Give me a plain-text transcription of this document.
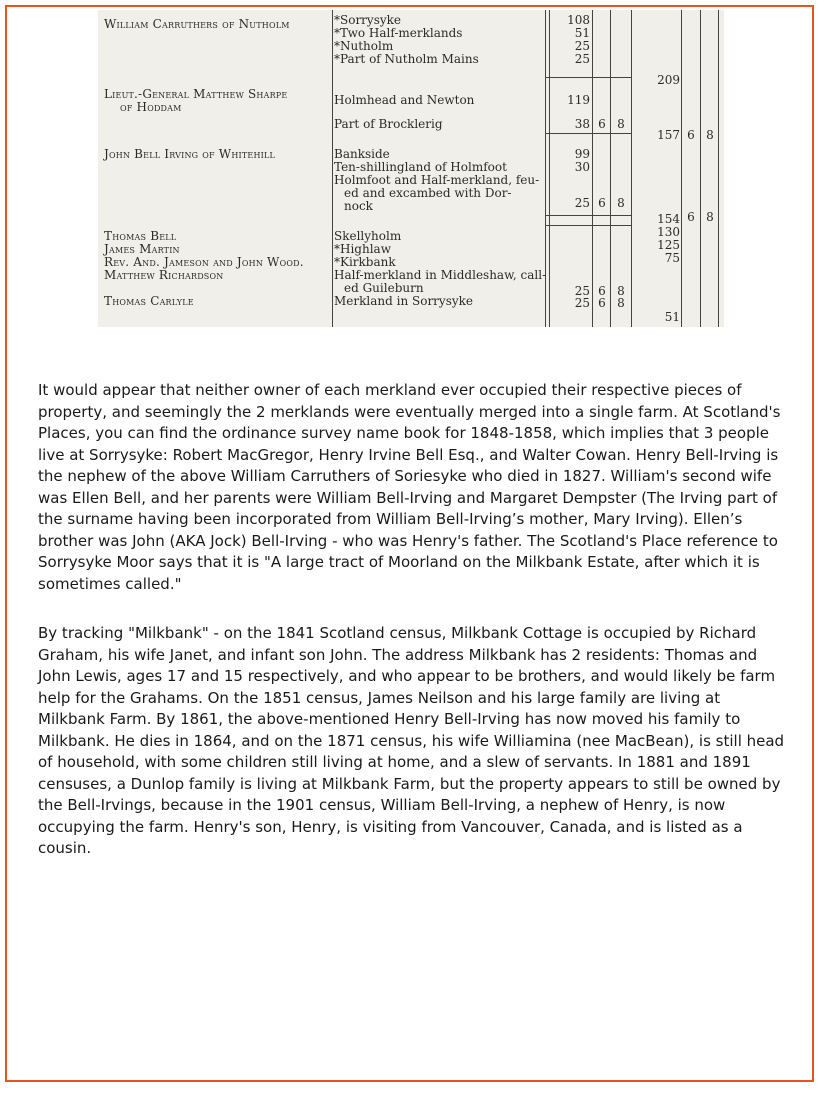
William Carruthers of Nutholm
Lieut.-General Matthew Sharpe
of Hoddam
John Bell Irving of Whitehill
Thomas Bell
James Martin
Rev. And. Jameson and John Wood.
Matthew Richardson
Thomas Carlyle
*Sorrysyke
*Two Half-merklands
*Nutholm
*Part of Nutholm Mains
Holmhead and Newton
Part of Brocklerig
Bankside
Ten-shillingland of Holmfoot
Holmfoot and Half-merkland, feu-
ed and excambed with Dor-
nock
Skellyholm
*Highlaw
*Kirkbank
Half-merkland in Middleshaw, call-
ed Guileburn
Merkland in Sorrysyke
108
51
25
25
119
38 6 8
99
30
25 6 8
25 6 8
25 6 8
209
157 6 8
154 6 8
130
125
75
51
It would appear that neither owner of each merkland ever occupied their respective pieces of property, and seemingly the 2 merklands were eventually merged into a single farm. At Scotland's Places, you can find the ordinance survey name book for 1848-1858, which implies that 3 people live at Sorrysyke: Robert MacGregor, Henry Irvine Bell Esq., and Walter Cowan. Henry Bell-Irving is the nephew of the above William Carruthers of Soriesyke who died in 1827. William's second wife was Ellen Bell, and her parents were William Bell-Irving and Margaret Dempster (The Irving part of the surname having been incorporated from William Bell-Irving’s mother, Mary Irving). Ellen’s brother was John (AKA Jock) Bell-Irving - who was Henry's father. The Scotland's Place reference to Sorrysyke Moor says that it is "A large tract of Moorland on the Milkbank Estate, after which it is sometimes called."
By tracking "Milkbank" - on the 1841 Scotland census, Milkbank Cottage is occupied by Richard Graham, his wife Janet, and infant son John. The address Milkbank has 2 residents: Thomas and John Lewis, ages 17 and 15 respectively, and who appear to be brothers, and would likely be farm help for the Grahams. On the 1851 census, James Neilson and his large family are living at Milkbank Farm. By 1861, the above-mentioned Henry Bell-Irving has now moved his family to Milkbank. He dies in 1864, and on the 1871 census, his wife Williamina (nee MacBean), is still head of household, with some children still living at home, and a slew of servants. In 1881 and 1891 censuses, a Dunlop family is living at Milkbank Farm, but the property appears to still be owned by the Bell-Irvings, because in the 1901 census, William Bell-Irving, a nephew of Henry, is now occupying the farm. Henry's son, Henry, is visiting from Vancouver, Canada, and is listed as a cousin.
